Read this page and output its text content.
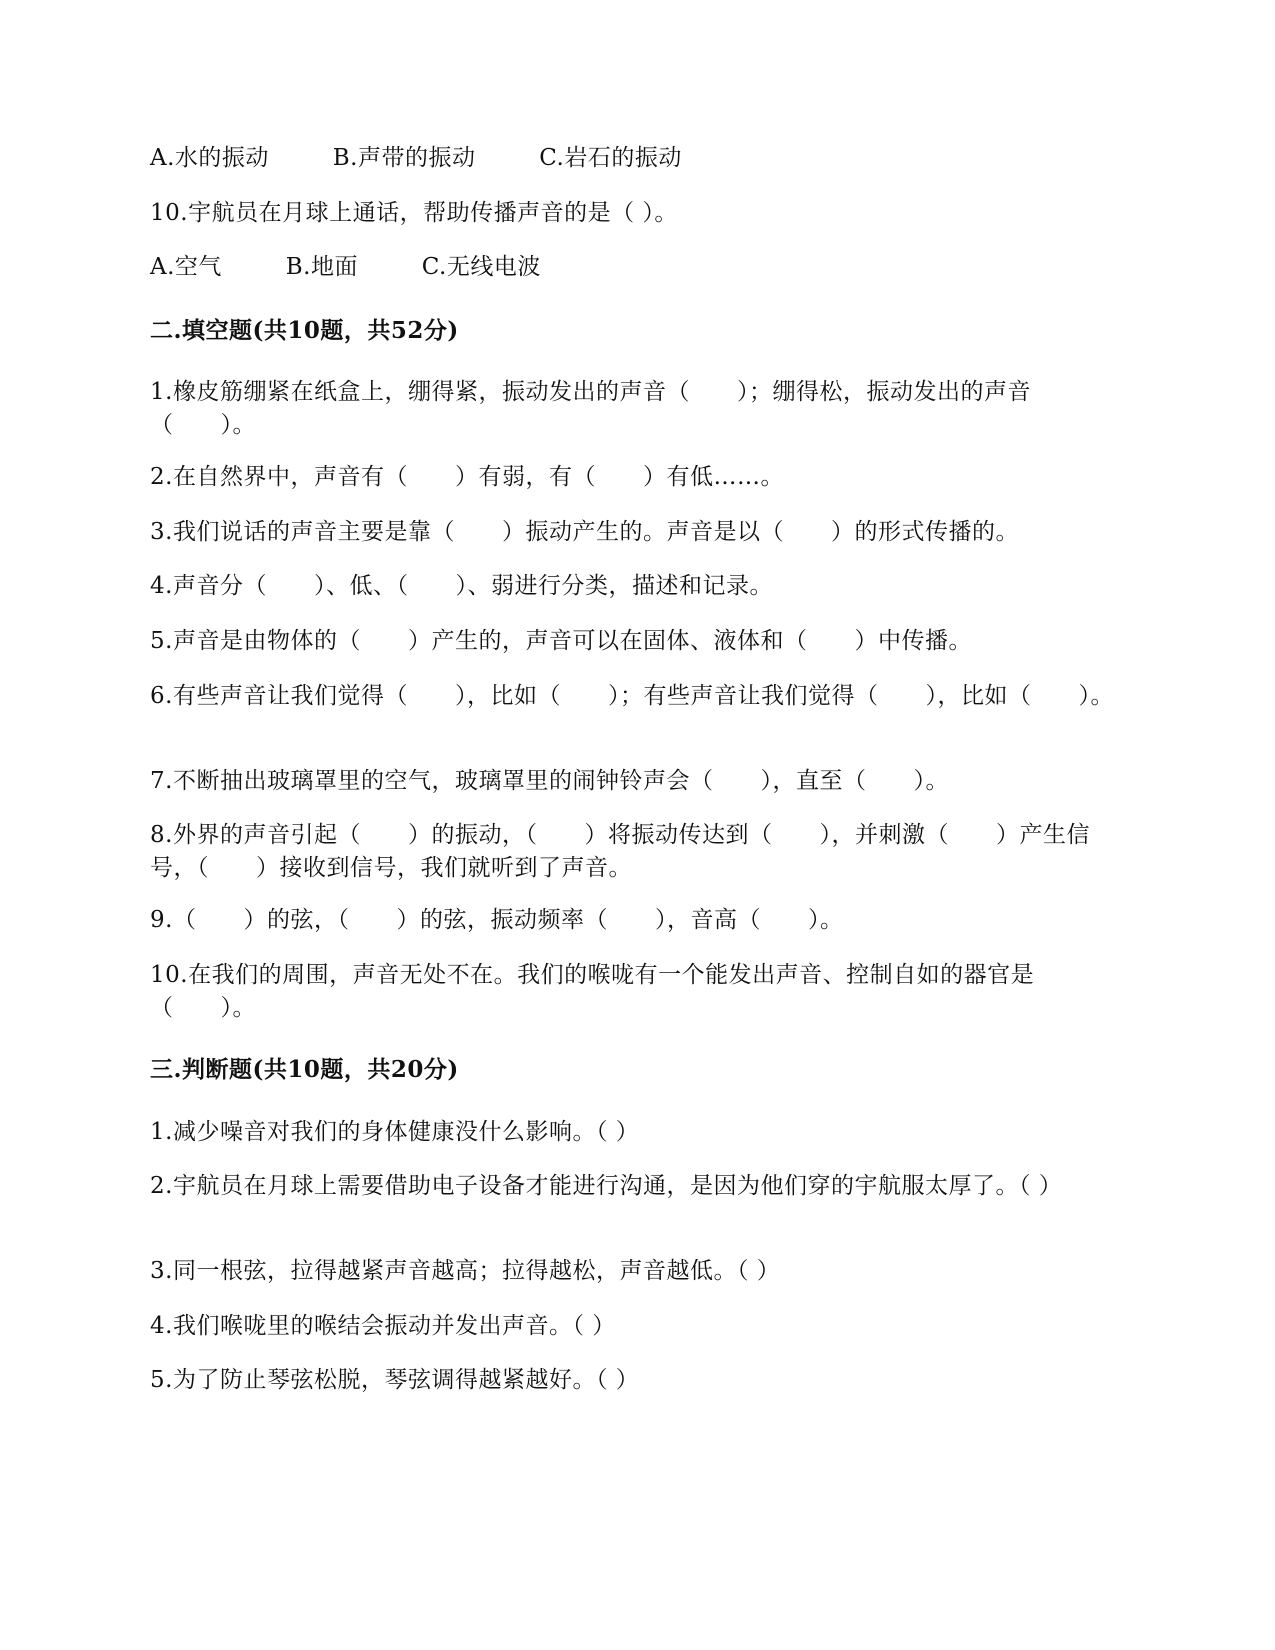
A.水的振动	B.声带的振动	C.岩石的振动
10.宇航员在月球上通话，帮助传播声音的是（ ）。
A.空气	B.地面	C.无线电波
二.填空题(共10题，共52分)
1.橡皮筋绷紧在纸盒上，绷得紧，振动发出的声音（　　）；绷得松，振动发出的声音（　　）。
2.在自然界中，声音有（　　）有弱，有（　　）有低……。
3.我们说话的声音主要是靠（　　）振动产生的。声音是以（　　）的形式传播的。
4.声音分（　　）、低、（　　）、弱进行分类，描述和记录。
5.声音是由物体的（　　）产生的，声音可以在固体、液体和（　　）中传播。
6.有些声音让我们觉得（　　），比如（　　）；有些声音让我们觉得（　　），比如（　　）。
7.不断抽出玻璃罩里的空气，玻璃罩里的闹钟铃声会（　　），直至（　　）。
8.外界的声音引起（　　）的振动，（　　）将振动传达到（　　），并刺激（　　）产生信号，（　　）接收到信号，我们就听到了声音。
9.（　　）的弦，（　　）的弦，振动频率（　　），音高（　　）。
10.在我们的周围，声音无处不在。我们的喉咙有一个能发出声音、控制自如的器官是（　　）。
三.判断题(共10题，共20分)
1.减少噪音对我们的身体健康没什么影响。（ ）
2.宇航员在月球上需要借助电子设备才能进行沟通，是因为他们穿的宇航服太厚了。（ ）
3.同一根弦，拉得越紧声音越高；拉得越松，声音越低。（ ）
4.我们喉咙里的喉结会振动并发出声音。（ ）
5.为了防止琴弦松脱，琴弦调得越紧越好。（ ）
